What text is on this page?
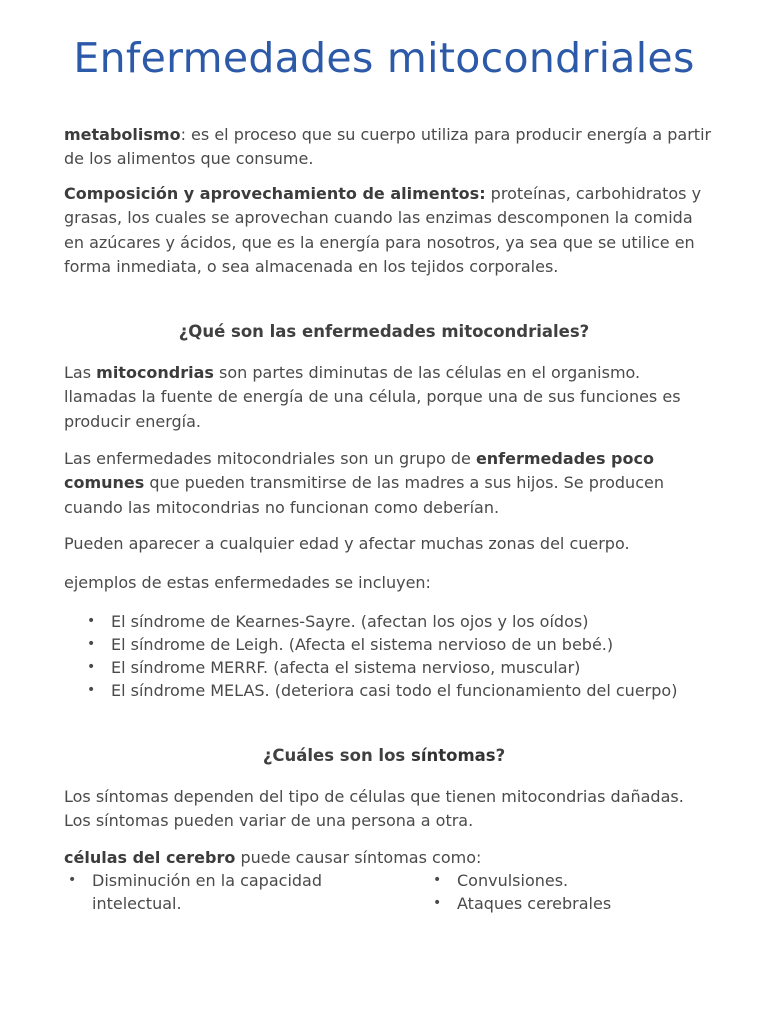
Enfermedades mitocondriales

metabolismo: es el proceso que su cuerpo utiliza para producir energía a partir de los alimentos que consume.

Composición y aprovechamiento de alimentos: proteínas, carbohidratos y grasas, los cuales se aprovechan cuando las enzimas descomponen la comida en azúcares y ácidos, que es la energía para nosotros, ya sea que se utilice en forma inmediata, o sea almacenada en los tejidos corporales.

¿Qué son las enfermedades mitocondriales?

Las mitocondrias son partes diminutas de las células en el organismo. llamadas la fuente de energía de una célula, porque una de sus funciones es producir energía.

Las enfermedades mitocondriales son un grupo de enfermedades poco comunes que pueden transmitirse de las madres a sus hijos. Se producen cuando las mitocondrias no funcionan como deberían.

Pueden aparecer a cualquier edad y afectar muchas zonas del cuerpo.

ejemplos de estas enfermedades se incluyen:

• El síndrome de Kearnes-Sayre. (afectan los ojos y los oídos)
• El síndrome de Leigh. (Afecta el sistema nervioso de un bebé.)
• El síndrome MERRF. (afecta el sistema nervioso, muscular)
• El síndrome MELAS. (deteriora casi todo el funcionamiento del cuerpo)
¿Cuáles son los síntomas?

Los síntomas dependen del tipo de células que tienen mitocondrias dañadas. Los síntomas pueden variar de una persona a otra.

células del cerebro puede causar síntomas como:

• Disminución en la capacidad intelectual.
• Convulsiones.
• Ataques cerebrales
